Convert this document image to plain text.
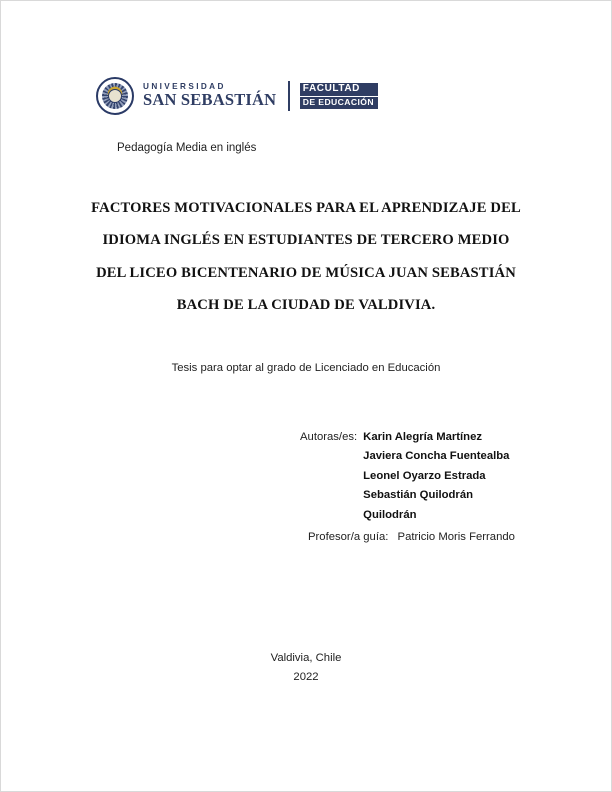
UNIVERSIDAD
SAN SEBASTIÁN
FACULTAD
DE EDUCACIÓN
Pedagogía Media en inglés
FACTORES MOTIVACIONALES PARA EL APRENDIZAJE DEL
IDIOMA INGLÉS EN ESTUDIANTES DE TERCERO MEDIO
DEL LICEO BICENTENARIO DE MÚSICA JUAN SEBASTIÁN
BACH DE LA CIUDAD DE VALDIVIA.
Tesis para optar al grado de Licenciado en Educación
Autoras/es: Karin Alegría Martínez
Javiera Concha Fuentealba
Leonel Oyarzo Estrada
Sebastián Quilodrán
Quilodrán
Profesor/a guía: Patricio Moris Ferrando
Valdivia, Chile
2022
